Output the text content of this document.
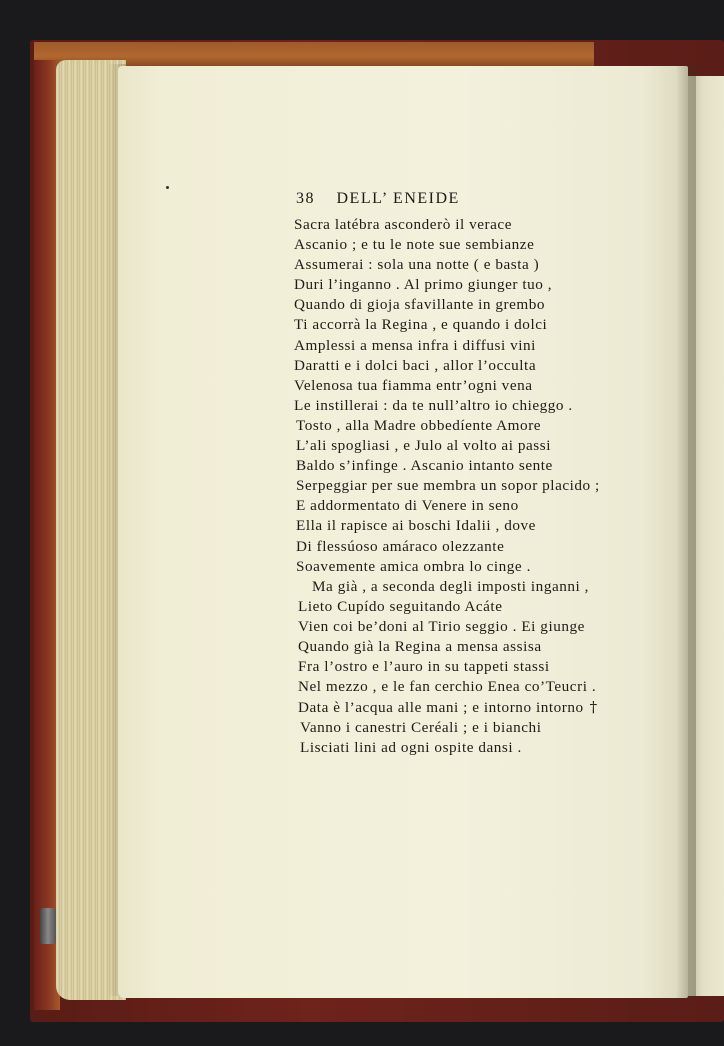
38 DELL’ ENEIDE
Sacra latébra asconderò il verace
Ascanio ; e tu le note sue sembianze
Assumerai : sola una notte ( e basta )
Duri l’inganno . Al primo giunger tuo ,
Quando di gioja sfavillante in grembo
Ti accorrà la Regina , e quando i dolci
Amplessi a mensa infra i diffusi vini
Daratti e i dolci baci , allor l’occulta
Velenosa tua fiamma entr’ogni vena
Le instillerai : da te null’altro io chieggo .
Tosto , alla Madre obbedíente Amore
L’ali spogliasi , e Julo al volto ai passi
Baldo s’infinge . Ascanio intanto sente
Serpeggiar per sue membra un sopor placido ;
E addormentato di Venere in seno
Ella il rapisce ai boschi Idalii , dove
Di flessúoso amáraco olezzante
Soavemente amica ombra lo cinge .
Ma già , a seconda degli imposti inganni ,
Lieto Cupído seguitando Acáte
Vien coi be’doni al Tirio seggio . Ei giunge
Quando già la Regina a mensa assisa
Fra l’ostro e l’auro in su tappeti stassi
Nel mezzo , e le fan cerchio Enea co’Teucri .
Data è l’acqua alle mani ; e intorno intorno †
Vanno i canestri Ceréali ; e i bianchi
Lisciati lini ad ogni ospite dansi .
